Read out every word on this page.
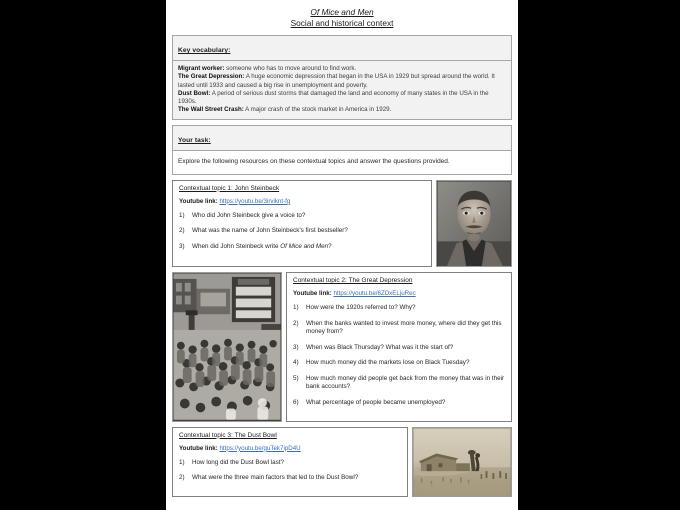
Of Mice and Men
Social and historical context
Key vocabulary:
Migrant worker: someone who has to move around to find work.
The Great Depression: A huge economic depression that began in the USA in 1929 but spread around the world. It lasted until 1933 and caused a big rise in unemployment and poverty.
Dust Bowl: A period of serious dust storms that damaged the land and economy of many states in the USA in the 1930s.
The Wall Street Crash: A major crash of the stock market in America in 1929.
Your task:
Explore the following resources on these contextual topics and answer the questions provided.
Contextual topic 1: John Steinbeck
Youtube link: https://youtu.be/3irviknt-fg
1)	Who did John Steinbeck give a voice to?
2)	What was the name of John Steinbeck's first bestseller?
3)	When did John Steinbeck write Of Mice and Men?
Contextual topic 2: The Great Depression
Youtube link: https://youtu.be/6ZDxELjuRec
1)	How were the 1920s referred to? Why?
2)	When the banks wanted to invest more money, where did they get this money from?
3)	When was Black Thursday? What was it the start of?
4)	How much money did the markets lose on Black Tuesday?
5)	How much money did people get back from the money that was in their bank accounts?
6)	What percentage of people became unemployed?
Contextual topic 3: The Dust Bowl
Youtube link: https://youtu.be/guTek7ipD4U
1)	How long did the Dust Bowl last?
2)	What were the three main factors that led to the Dust Bowl?
